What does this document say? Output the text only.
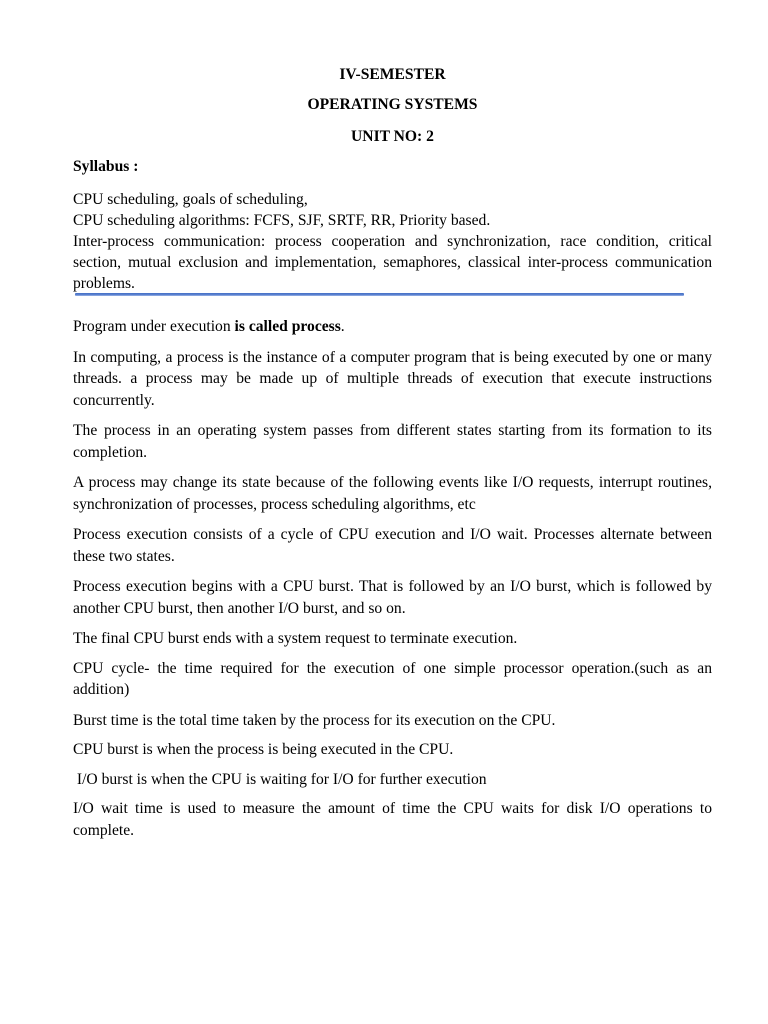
IV-SEMESTER

OPERATING SYSTEMS

UNIT NO: 2

Syllabus :

CPU scheduling, goals of scheduling,
CPU scheduling algorithms: FCFS, SJF, SRTF, RR, Priority based.
Inter-process communication: process cooperation and synchronization, race condition, critical section, mutual exclusion and implementation, semaphores, classical inter-process communication problems.

Program under execution is called process.

In computing, a process is the instance of a computer program that is being executed by one or many threads. a process may be made up of multiple threads of execution that execute instructions concurrently.

The process in an operating system passes from different states starting from its formation to its completion.

A process may change its state because of the following events like I/O requests, interrupt routines, synchronization of processes, process scheduling algorithms, etc

Process execution consists of a cycle of CPU execution and I/O wait. Processes alternate between these two states.

Process execution begins with a CPU burst. That is followed by an I/O burst, which is followed by another CPU burst, then another I/O burst, and so on.

The final CPU burst ends with a system request to terminate execution.

CPU cycle- the time required for the execution of one simple processor operation.(such as an addition)

Burst time is the total time taken by the process for its execution on the CPU.

CPU burst is when the process is being executed in the CPU.

I/O burst is when the CPU is waiting for I/O for further execution

I/O wait time is used to measure the amount of time the CPU waits for disk I/O operations to complete.
